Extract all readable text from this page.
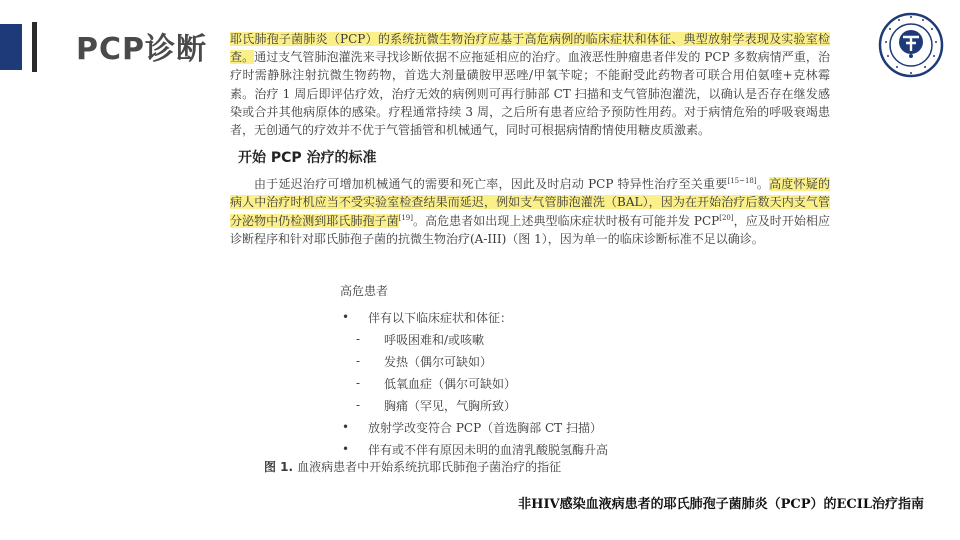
PCP诊断 耶氏肺孢子菌肺炎（PCP）的系统抗微生物治疗应基于高危病例的临床症状和体征、典型放射学表现及实验室检查。通过支气管肺泡灌洗来寻找诊断依据不应拖延相应的治疗。血液恶性肿瘤患者伴发的 PCP 多数病情严重，治疗时需静脉注射抗微生物药物，首选大剂量磺胺甲恶唑/甲氧苄啶；不能耐受此药物者可联合用伯氨喹+克林霉素。治疗 1 周后即评估疗效，治疗无效的病例则可再行肺部 CT 扫描和支气管肺泡灌洗，以确认是否存在继发感染或合并其他病原体的感染。疗程通常持续 3 周，之后所有患者应给予预防性用药。对于病情危殆的呼吸衰竭患者，无创通气的疗效并不优于气管插管和机械通气，同时可根据病情酌情使用糖皮质激素。

开始 PCP 治疗的标准

由于延迟治疗可增加机械通气的需要和死亡率，因此及时启动 PCP 特异性治疗至关重要[15~18]。高度怀疑的病人中治疗时机应当不受实验室检查结果而延迟，例如支气管肺泡灌洗（BAL），因为在开始治疗后数天内支气管分泌物中仍检测到耶氏肺孢子菌[19]。高危患者如出现上述典型临床症状时极有可能并发 PCP[20]，应及时开始相应诊断程序和针对耶氏肺孢子菌的抗微生物治疗(A-III)（图 1），因为单一的临床诊断标准不足以确诊。

高危患者
•	伴有以下临床症状和体征：
-	呼吸困难和/或咳嗽
-	发热（偶尔可缺如）
-	低氧血症（偶尔可缺如）
-	胸痛（罕见，气胸所致）
•	放射学改变符合 PCP（首选胸部 CT 扫描）
•	伴有或不伴有原因未明的血清乳酸脱氢酶升高
图 1. 血液病患者中开始系统抗耶氏肺孢子菌治疗的指征
非HIV感染血液病患者的耶氏肺孢子菌肺炎（PCP）的ECIL治疗指南
